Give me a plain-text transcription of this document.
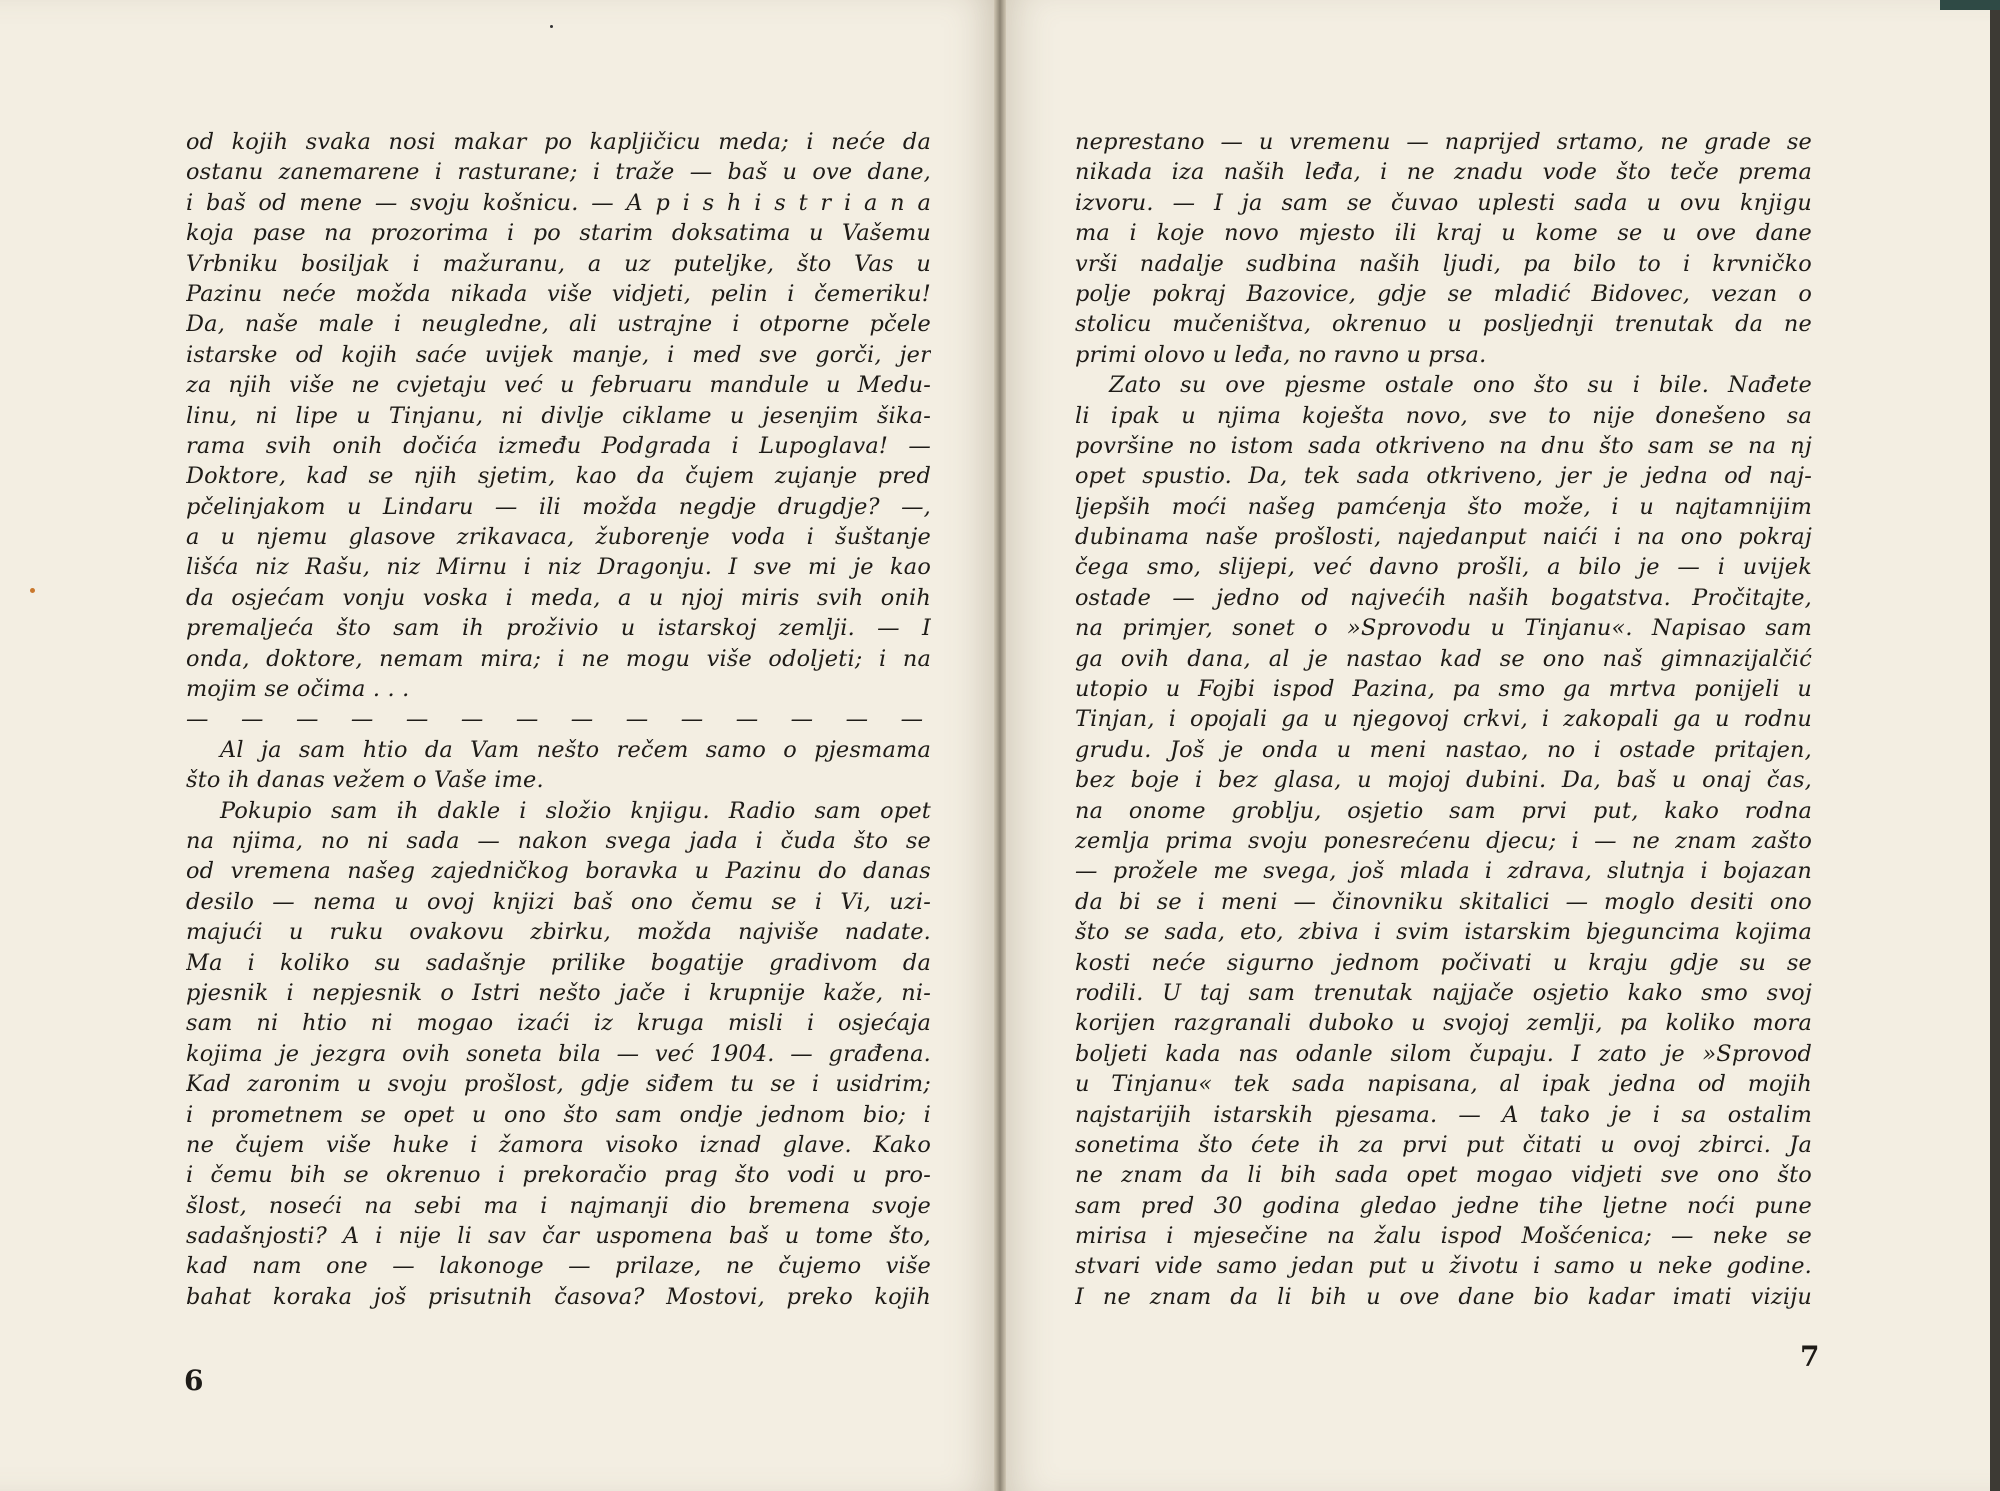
od kojih svaka nosi makar po kapljičicu meda; i neće da
ostanu zanemarene i rasturane; i traže — baš u ove dane,
i baš od mene — svoju košnicu. — A p i s h i s t r i a n a
koja pase na prozorima i po starim doksatima u Vašemu
Vrbniku bosiljak i mažuranu, a uz puteljke, što Vas u
Pazinu neće možda nikada više vidjeti, pelin i čemeriku!
Da, naše male i neugledne, ali ustrajne i otporne pčele
istarske od kojih saće uvijek manje, i med sve gorči, jer
za njih više ne cvjetaju već u februaru mandule u Medu-
linu, ni lipe u Tinjanu, ni divlje ciklame u jesenjim šika-
rama svih onih dočića između Podgrada i Lupoglava! —
Doktore, kad se njih sjetim, kao da čujem zujanje pred
pčelinjakom u Lindaru — ili možda negdje drugdje? —,
a u njemu glasove zrikavaca, žuborenje voda i šuštanje
lišća niz Rašu, niz Mirnu i niz Dragonju. I sve mi je kao
da osjećam vonju voska i meda, a u njoj miris svih onih
premaljeća što sam ih proživio u istarskoj zemlji. — I
onda, doktore, nemam mira; i ne mogu više odoljeti; i na
mojim se očima . . .
— — — — — — — — — — — — — —
Al ja sam htio da Vam nešto rečem samo o pjesmama
što ih danas vežem o Vaše ime.
Pokupio sam ih dakle i složio knjigu. Radio sam opet
na njima, no ni sada — nakon svega jada i čuda što se
od vremena našeg zajedničkog boravka u Pazinu do danas
desilo — nema u ovoj knjizi baš ono čemu se i Vi, uzi-
majući u ruku ovakovu zbirku, možda najviše nadate.
Ma i koliko su sadašnje prilike bogatije gradivom da
pjesnik i nepjesnik o Istri nešto jače i krupnije kaže, ni-
sam ni htio ni mogao izaći iz kruga misli i osjećaja
kojima je jezgra ovih soneta bila — već 1904. — građena.
Kad zaronim u svoju prošlost, gdje siđem tu se i usidrim;
i prometnem se opet u ono što sam ondje jednom bio; i
ne čujem više huke i žamora visoko iznad glave. Kako
i čemu bih se okrenuo i prekoračio prag što vodi u pro-
šlost, noseći na sebi ma i najmanji dio bremena svoje
sadašnjosti? A i nije li sav čar uspomena baš u tome što,
kad nam one — lakonoge — prilaze, ne čujemo više
bahat koraka još prisutnih časova? Mostovi, preko kojih
neprestano — u vremenu — naprijed srtamo, ne grade se
nikada iza naših leđa, i ne znadu vode što teče prema
izvoru. — I ja sam se čuvao uplesti sada u ovu knjigu
ma i koje novo mjesto ili kraj u kome se u ove dane
vrši nadalje sudbina naših ljudi, pa bilo to i krvničko
polje pokraj Bazovice, gdje se mladić Bidovec, vezan o
stolicu mučeništva, okrenuo u posljednji trenutak da ne
primi olovo u leđa, no ravno u prsa.
Zato su ove pjesme ostale ono što su i bile. Nađete
li ipak u njima koješta novo, sve to nije donešeno sa
površine no istom sada otkriveno na dnu što sam se na nj
opet spustio. Da, tek sada otkriveno, jer je jedna od naj-
ljepših moći našeg pamćenja što može, i u najtamnijim
dubinama naše prošlosti, najedanput naići i na ono pokraj
čega smo, slijepi, već davno prošli, a bilo je — i uvijek
ostade — jedno od najvećih naših bogatstva. Pročitajte,
na primjer, sonet o »Sprovodu u Tinjanu«. Napisao sam
ga ovih dana, al je nastao kad se ono naš gimnazijalčić
utopio u Fojbi ispod Pazina, pa smo ga mrtva ponijeli u
Tinjan, i opojali ga u njegovoj crkvi, i zakopali ga u rodnu
grudu. Još je onda u meni nastao, no i ostade pritajen,
bez boje i bez glasa, u mojoj dubini. Da, baš u onaj čas,
na onome groblju, osjetio sam prvi put, kako rodna
zemlja prima svoju ponesrećenu djecu; i — ne znam zašto
— prožele me svega, još mlada i zdrava, slutnja i bojazan
da bi se i meni — činovniku skitalici — moglo desiti ono
što se sada, eto, zbiva i svim istarskim bjeguncima kojima
kosti neće sigurno jednom počivati u kraju gdje su se
rodili. U taj sam trenutak najjače osjetio kako smo svoj
korijen razgranali duboko u svojoj zemlji, pa koliko mora
boljeti kada nas odanle silom čupaju. I zato je »Sprovod
u Tinjanu« tek sada napisana, al ipak jedna od mojih
najstarijih istarskih pjesama. — A tako je i sa ostalim
sonetima što ćete ih za prvi put čitati u ovoj zbirci. Ja
ne znam da li bih sada opet mogao vidjeti sve ono što
sam pred 30 godina gledao jedne tihe ljetne noći pune
mirisa i mjesečine na žalu ispod Mošćenica; — neke se
stvari vide samo jedan put u životu i samo u neke godine.
I ne znam da li bih u ove dane bio kadar imati viziju
6
7
